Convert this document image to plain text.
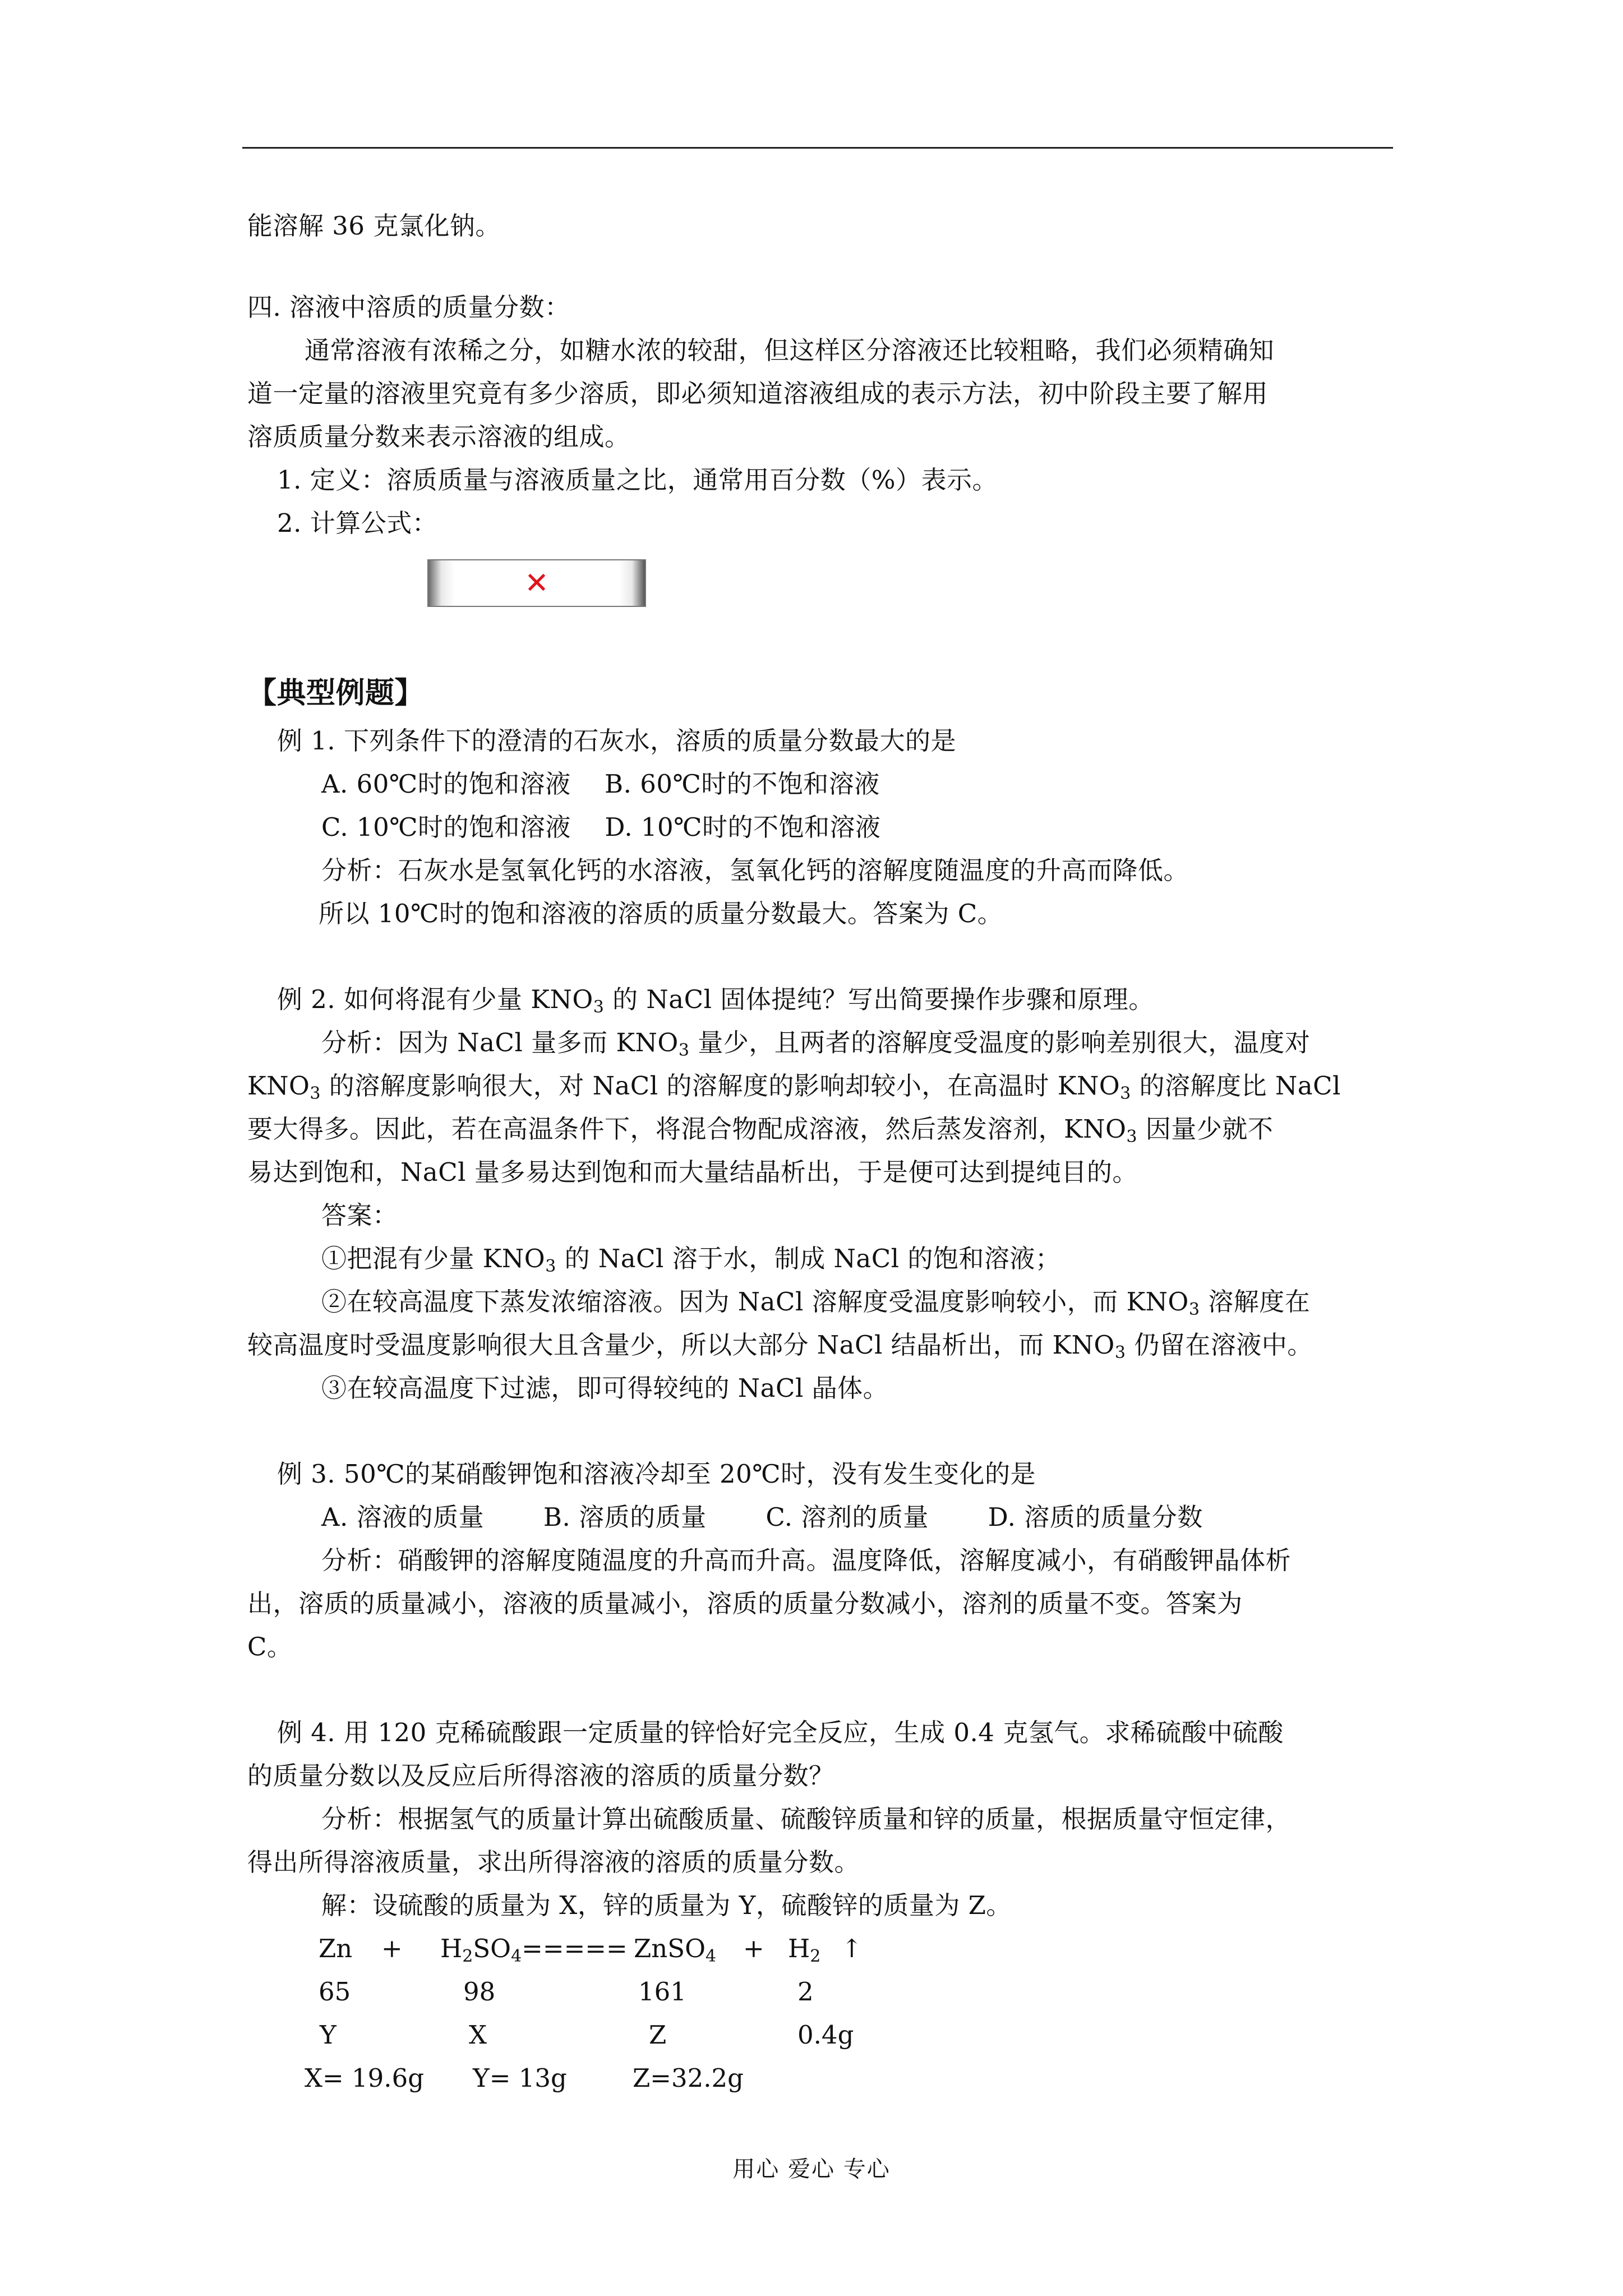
能溶解 36 克氯化钠。
四. 溶液中溶质的质量分数：
通常溶液有浓稀之分，如糖水浓的较甜，但这样区分溶液还比较粗略，我们必须精确知
道一定量的溶液里究竟有多少溶质，即必须知道溶液组成的表示方法，初中阶段主要了解用
溶质质量分数来表示溶液的组成。
1. 定义：溶质质量与溶液质量之比，通常用百分数（%）表示。
2. 计算公式：
✕
【典型例题】
例 1. 下列条件下的澄清的石灰水，溶质的质量分数最大的是
A. 60℃时的饱和溶液　 B. 60℃时的不饱和溶液
C. 10℃时的饱和溶液　 D. 10℃时的不饱和溶液
分析：石灰水是氢氧化钙的水溶液，氢氧化钙的溶解度随温度的升高而降低。
所以 10℃时的饱和溶液的溶质的质量分数最大。答案为 C。
例 2. 如何将混有少量 $KNO_3$ 的 NaCl 固体提纯？写出简要操作步骤和原理。
分析：因为 NaCl 量多而 $KNO_3$ 量少，且两者的溶解度受温度的影响差别很大，温度对
$KNO_3$ 的溶解度影响很大，对 NaCl 的溶解度的影响却较小，在高温时 $KNO_3$ 的溶解度比 NaCl
要大得多。因此，若在高温条件下，将混合物配成溶液，然后蒸发溶剂，$KNO_3$ 因量少就不
易达到饱和，NaCl 量多易达到饱和而大量结晶析出，于是便可达到提纯目的。
答案：
①把混有少量 $KNO_3$ 的 NaCl 溶于水，制成 NaCl 的饱和溶液；
②在较高温度下蒸发浓缩溶液。因为 NaCl 溶解度受温度影响较小，而 $KNO_3$ 溶解度在
较高温度时受温度影响很大且含量少，所以大部分 NaCl 结晶析出，而 $KNO_3$ 仍留在溶液中。
③在较高温度下过滤，即可得较纯的 NaCl 晶体。
例 3. 50℃的某硝酸钾饱和溶液冷却至 20℃时，没有发生变化的是
A. 溶液的质量　　 B. 溶质的质量　　 C. 溶剂的质量　　 D. 溶质的质量分数
分析：硝酸钾的溶解度随温度的升高而升高。温度降低，溶解度减小，有硝酸钾晶体析
出，溶质的质量减小，溶液的质量减小，溶质的质量分数减小，溶剂的质量不变。答案为
C。
例 4. 用 120 克稀硫酸跟一定质量的锌恰好完全反应，生成 0.4 克氢气。求稀硫酸中硫酸
的质量分数以及反应后所得溶液的溶质的质量分数？
分析：根据氢气的质量计算出硫酸质量、硫酸锌质量和锌的质量，根据质量守恒定律，
得出所得溶液质量，求出所得溶液的溶质的质量分数。
解：设硫酸的质量为 X，锌的质量为 Y，硫酸锌的质量为 Z。
$Zn + H_2SO_4=====$ ZnSO$_4$ + $H_2$ ↑
65	98	161	2
Y	X	Z	0.4g
X= 19.6g Y= 13g	Z=32.2g
用心 爱心 专心
